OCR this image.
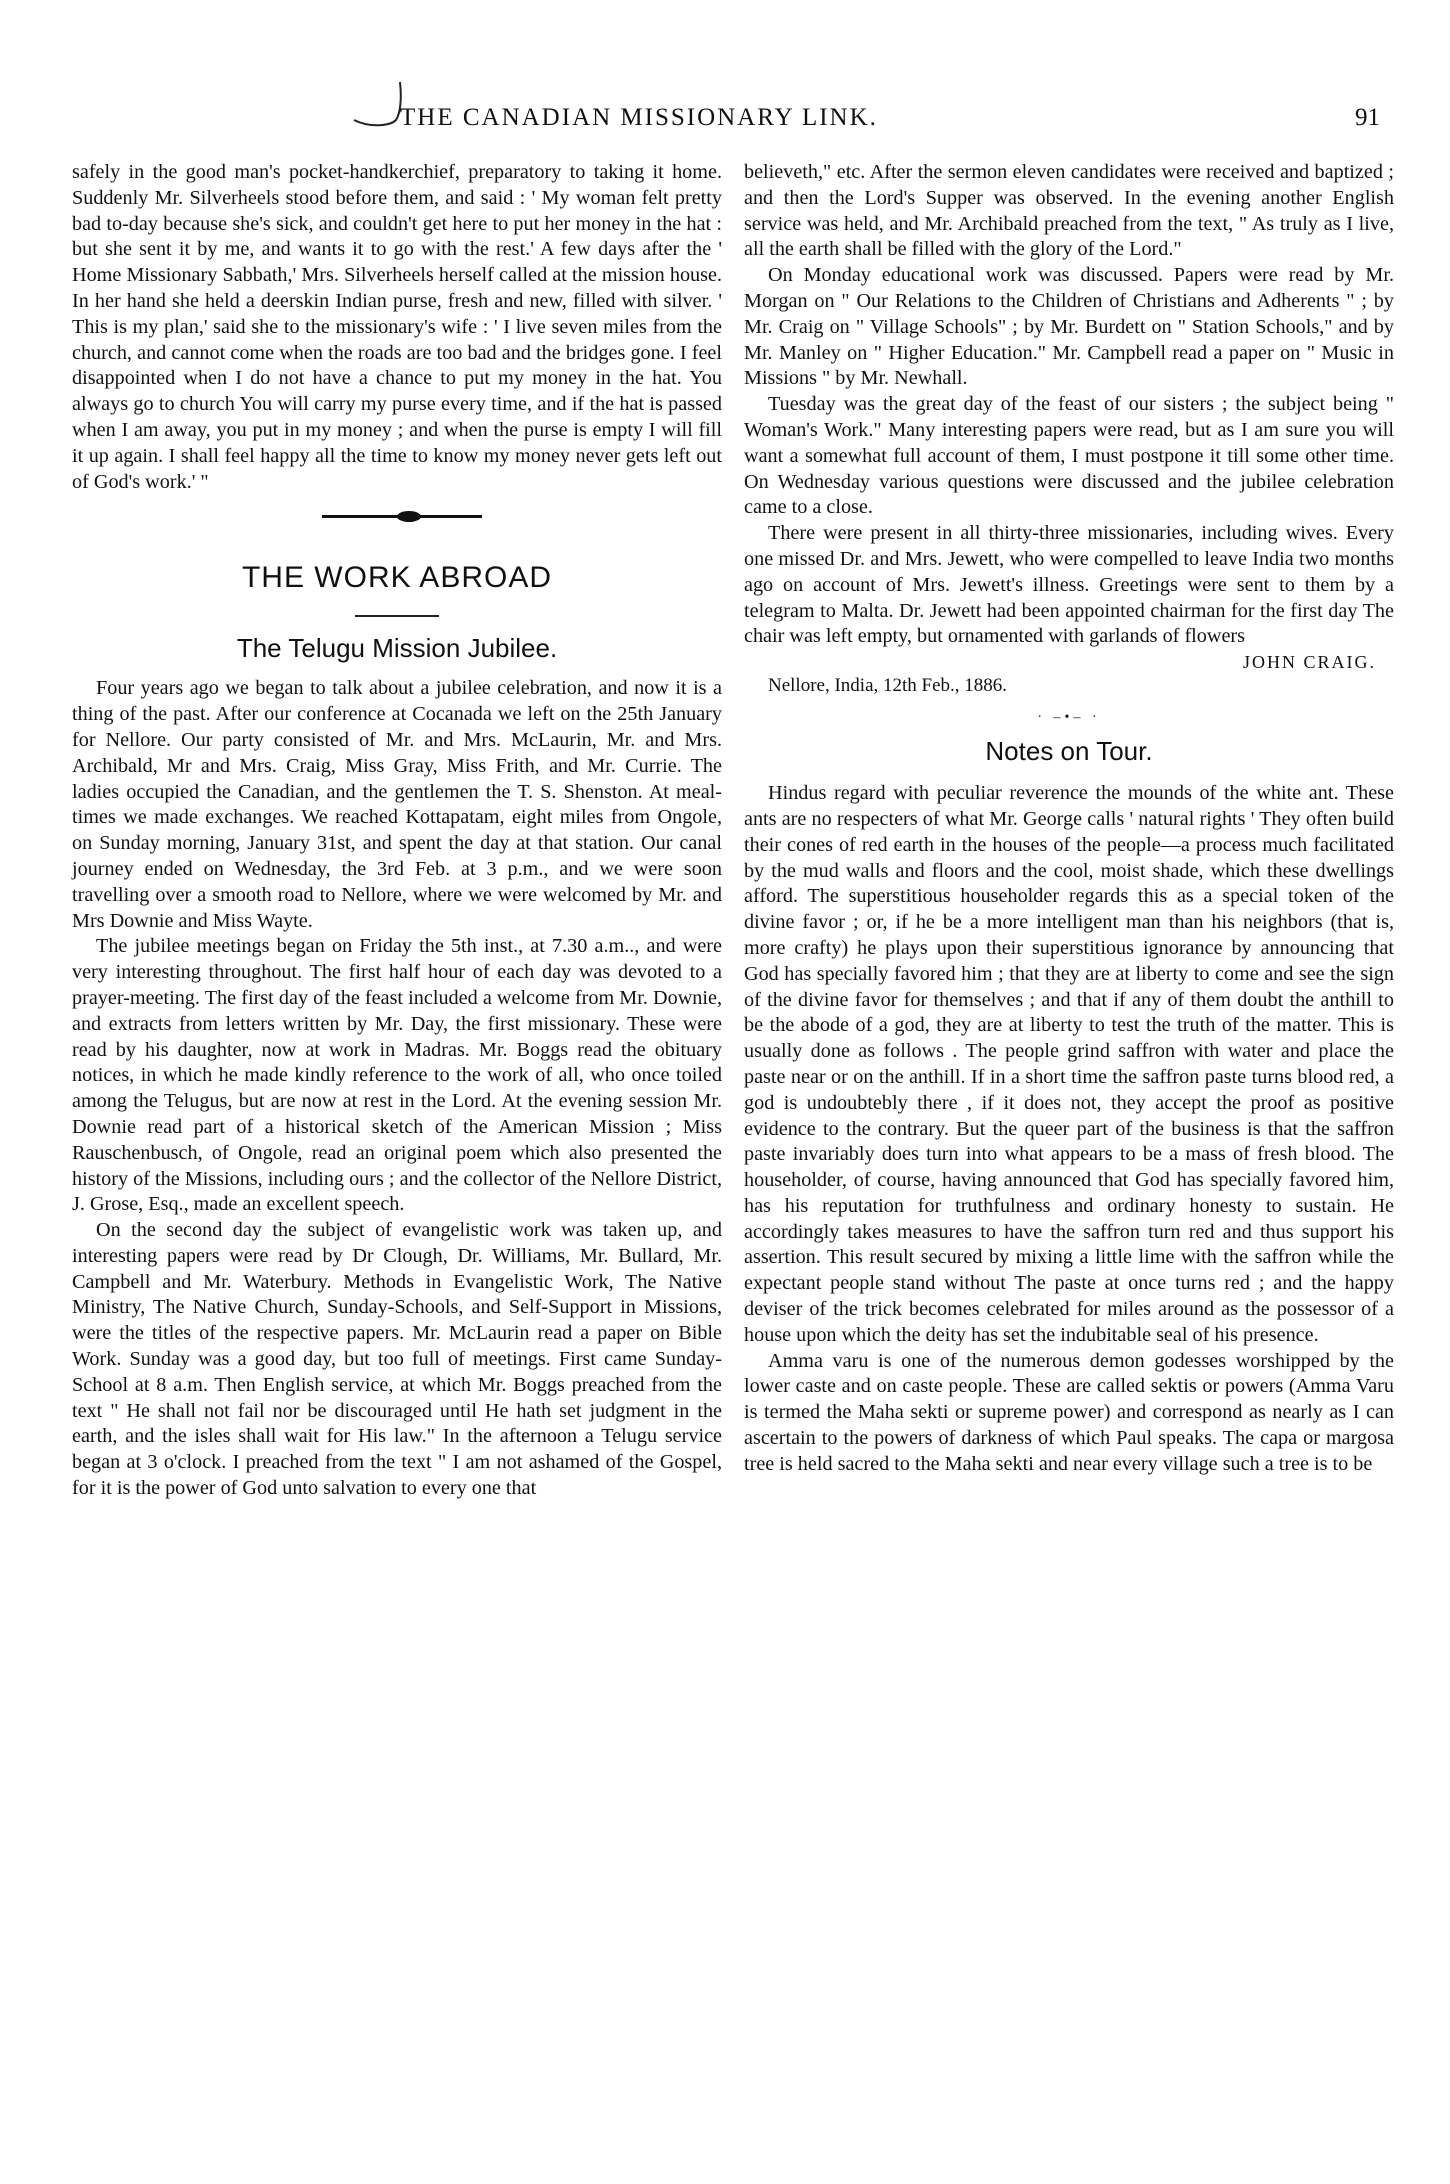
THE CANADIAN MISSIONARY LINK.	91

safely in the good man's pocket-handkerchief, preparatory to taking it home. Suddenly Mr. Silverheels stood before them, and said : ' My woman felt pretty bad to-day because she's sick, and couldn't get here to put her money in the hat : but she sent it by me, and wants it to go with the rest.' A few days after the ' Home Missionary Sabbath,' Mrs. Silverheels herself called at the mission house. In her hand she held a deerskin Indian purse, fresh and new, filled with silver. ' This is my plan,' said she to the missionary's wife : ' I live seven miles from the church, and cannot come when the roads are too bad and the bridges gone. I feel disappointed when I do not have a chance to put my money in the hat. You always go to church You will carry my purse every time, and if the hat is passed when I am away, you put in my money ; and when the purse is empty I will fill it up again. I shall feel happy all the time to know my money never gets left out of God's work.' "

THE WORK ABROAD
The Telugu Mission Jubilee.

Four years ago we began to talk about a jubilee celebration, and now it is a thing of the past. After our conference at Cocanada we left on the 25th January for Nellore. Our party consisted of Mr. and Mrs. McLaurin, Mr. and Mrs. Archibald, Mr and Mrs. Craig, Miss Gray, Miss Frith, and Mr. Currie. The ladies occupied the Canadian, and the gentlemen the T. S. Shenston. At meal-times we made exchanges. We reached Kottapatam, eight miles from Ongole, on Sunday morning, January 31st, and spent the day at that station. Our canal journey ended on Wednesday, the 3rd Feb. at 3 p.m., and we were soon travelling over a smooth road to Nellore, where we were welcomed by Mr. and Mrs Downie and Miss Wayte.

The jubilee meetings began on Friday the 5th inst., at 7.30 a.m.., and were very interesting throughout. The first half hour of each day was devoted to a prayer-meeting. The first day of the feast included a welcome from Mr. Downie, and extracts from letters written by Mr. Day, the first missionary. These were read by his daughter, now at work in Madras. Mr. Boggs read the obituary notices, in which he made kindly reference to the work of all, who once toiled among the Telugus, but are now at rest in the Lord. At the evening session Mr. Downie read part of a historical sketch of the American Mission ; Miss Rauschenbusch, of Ongole, read an original poem which also presented the history of the Missions, including ours ; and the collector of the Nellore District, J. Grose, Esq., made an excellent speech.

On the second day the subject of evangelistic work was taken up, and interesting papers were read by Dr Clough, Dr. Williams, Mr. Bullard, Mr. Campbell and Mr. Waterbury. Methods in Evangelistic Work, The Native Ministry, The Native Church, Sunday-Schools, and Self-Support in Missions, were the titles of the respective papers. Mr. McLaurin read a paper on Bible Work. Sunday was a good day, but too full of meetings. First came Sunday-School at 8 a.m. Then English service, at which Mr. Boggs preached from the text " He shall not fail nor be discouraged until He hath set judgment in the earth, and the isles shall wait for His law." In the afternoon a Telugu service began at 3 o'clock. I preached from the text " I am not ashamed of the Gospel, for it is the power of God unto salvation to every one that

believeth," etc. After the sermon eleven candidates were received and baptized ; and then the Lord's Supper was observed. In the evening another English service was held, and Mr. Archibald preached from the text, " As truly as I live, all the earth shall be filled with the glory of the Lord."

On Monday educational work was discussed. Papers were read by Mr. Morgan on " Our Relations to the Children of Christians and Adherents " ; by Mr. Craig on " Village Schools" ; by Mr. Burdett on " Station Schools," and by Mr. Manley on " Higher Education." Mr. Campbell read a paper on " Music in Missions " by Mr. Newhall.

Tuesday was the great day of the feast of our sisters ; the subject being " Woman's Work." Many interesting papers were read, but as I am sure you will want a somewhat full account of them, I must postpone it till some other time. On Wednesday various questions were discussed and the jubilee celebration came to a close.

There were present in all thirty-three missionaries, including wives. Every one missed Dr. and Mrs. Jewett, who were compelled to leave India two months ago on account of Mrs. Jewett's illness. Greetings were sent to them by a telegram to Malta. Dr. Jewett had been appointed chairman for the first day The chair was left empty, but ornamented with garlands of flowers

JOHN CRAIG.
Nellore, India, 12th Feb., 1886.
· –•– ·
Notes on Tour.

Hindus regard with peculiar reverence the mounds of the white ant. These ants are no respecters of what Mr. George calls ' natural rights ' They often build their cones of red earth in the houses of the people—a process much facilitated by the mud walls and floors and the cool, moist shade, which these dwellings afford. The superstitious householder regards this as a special token of the divine favor ; or, if he be a more intelligent man than his neighbors (that is, more crafty) he plays upon their superstitious ignorance by announcing that God has specially favored him ; that they are at liberty to come and see the sign of the divine favor for themselves ; and that if any of them doubt the anthill to be the abode of a god, they are at liberty to test the truth of the matter. This is usually done as follows . The people grind saffron with water and place the paste near or on the anthill. If in a short time the saffron paste turns blood red, a god is undoubtebly there , if it does not, they accept the proof as positive evidence to the contrary. But the queer part of the business is that the saffron paste invariably does turn into what appears to be a mass of fresh blood. The householder, of course, having announced that God has specially favored him, has his reputation for truthfulness and ordinary honesty to sustain. He accordingly takes measures to have the saffron turn red and thus support his assertion. This result secured by mixing a little lime with the saffron while the expectant people stand without The paste at once turns red ; and the happy deviser of the trick becomes celebrated for miles around as the possessor of a house upon which the deity has set the indubitable seal of his presence.

Amma varu is one of the numerous demon godesses worshipped by the lower caste and on caste people. These are called sektis or powers (Amma Varu is termed the Maha sekti or supreme power) and correspond as nearly as I can ascertain to the powers of darkness of which Paul speaks. The capa or margosa tree is held sacred to the Maha sekti and near every village such a tree is to be
